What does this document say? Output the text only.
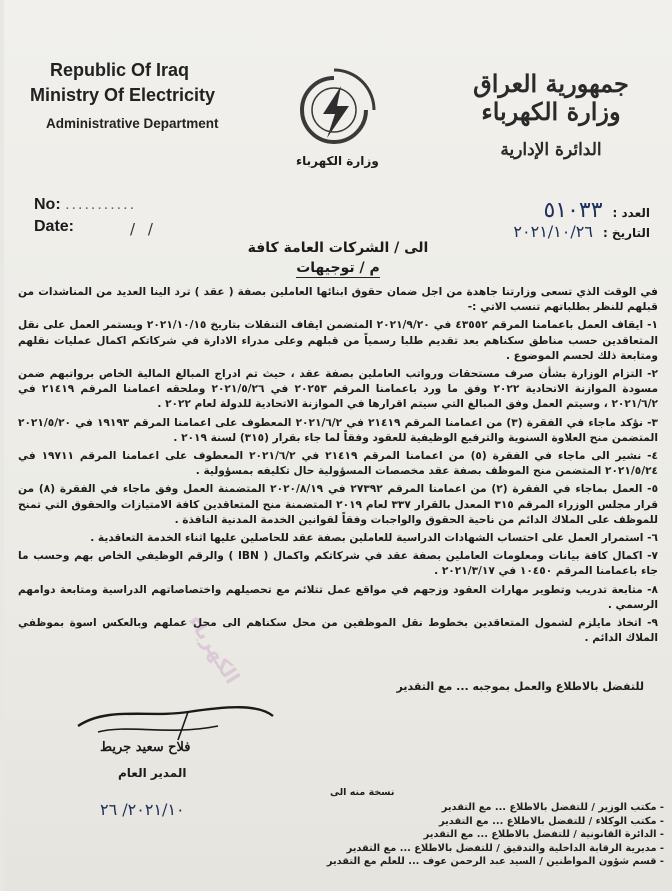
Republic Of Iraq
Ministry Of Electricity
Administrative Department
وزارة الكهرباء
جمهورية العراق
وزارة الكهرباء
الدائرة الإدارية
No: ...........
Date:	/ /
العدد :
٥١٠٣٣
التاريخ :
٢٠٢١/١٠/٢٦
الى / الشركات العامة كافة
م / توجيهات

في الوقت الذي تسعى وزارتنا جاهدة من اجل ضمان حقوق ابنائها العاملين بصفة ( عقد ) ترد الينا العديد من المناشدات من قبلهم للنظر بطلباتهم تنسب الاتي :-

١- ايقاف العمل باعمامنا المرقم ٤٣٥٥٢ في ٢٠٢١/٩/٢٠ المتضمن ايقاف التنقلات بتاريخ ٢٠٢١/١٠/١٥ ويستمر العمل على نقل المتعاقدين حسب مناطق سكناهم بعد تقديم طلبا رسمياً من قبلهم وعلى مدراء الادارة في شركاتكم اكمال عمليات نقلهم ومتابعة ذلك لحسم الموضوع .

٢- التزام الوزارة بشأن صرف مستحقات ورواتب العاملين بصفة عقد ، حيث تم ادراج المبالغ المالية الخاص برواتبهم ضمن مسودة الموازنة الاتحادية ٢٠٢٢ وفق ما ورد باعمامنا المرقم ٢٠٢٥٣ في ٢٠٢١/٥/٢٦ وملحقه اعمامنا المرقم ٢١٤١٩ في ٢٠٢١/٦/٢ ، وسيتم العمل وفق المبالغ التي سيتم اقرارها في الموازنة الاتحادية للدولة لعام ٢٠٢٢ .

٣- نؤكد ماجاء في الفقرة (٣) من اعمامنا المرقم ٢١٤١٩ في ٢٠٢١/٦/٢ المعطوف على اعمامنا المرقم ١٩١٩٣ في ٢٠٢١/٥/٢٠ المتضمن منح العلاوة السنوية والترفيع الوظيفية للعقود وفقاً لما جاء بقرار (٣١٥) لسنة ٢٠١٩ .

٤- نشير الى ماجاء في الفقرة (٥) من اعمامنا المرقم ٢١٤١٩ في ٢٠٢١/٦/٢ المعطوف على اعمامنا المرقم ١٩٧١١ في ٢٠٢١/٥/٢٤ المتضمن منح الموظف بصفة عقد مخصصات المسؤولية حال تكليفه بمسؤولية .

٥- العمل بماجاء في الفقرة (٢) من اعمامنا المرقم ٢٧٣٩٢ في ٢٠٢٠/٨/١٩ المتضمنة العمل وفق ماجاء في الفقرة (٨) من قرار مجلس الوزراء المرقم ٣١٥ المعدل بالقرار ٣٣٧ لعام ٢٠١٩ المتضمنة منح المتعاقدين كافة الامتيازات والحقوق التي تمنح للموظف على الملاك الدائم من ناحية الحقوق والواجبات وفقاً لقوانين الخدمة المدنية النافذة .

٦- استمرار العمل على احتساب الشهادات الدراسية للعاملين بصفة عقد للحاصلين عليها اثناء الخدمة التعاقدية .

٧- اكمال كافة بيانات ومعلومات العاملين بصفة عقد في شركاتكم واكمال ( IBN ) والرقم الوظيفي الخاص بهم وحسب ما جاء باعمامنا المرقم ١٠٤٥٠ في ٢٠٢١/٣/١٧ .

٨- متابعة تدريب وتطوير مهارات العقود وزجهم في مواقع عمل تتلائم مع تحصيلهم واختصاصاتهم الدراسية ومتابعة دوامهم الرسمي .

٩- اتخاذ مايلزم لشمول المتعاقدين بخطوط نقل الموظفين من محل سكناهم الى محل عملهم وبالعكس اسوة بموظفي الملاك الدائم .

للتفضل بالاطلاع والعمل بموجبه ... مع التقدير
فلاح سعيد جريط
المدير العام
٢٠٢١/١٠/ ٢٦
الكهرباء
نسخة منه الى
- مكتب الوزير / للتفضل بالاطلاع ... مع التقدير
- مكتب الوكلاء / للتفضل بالاطلاع ... مع التقدير
- الدائرة القانونية / للتفضل بالاطلاع ... مع التقدير
- مديرية الرقابة الداخلية والتدقيق / للتفضل بالاطلاع ... مع التقدير
- قسم شؤون المواطنين / السيد عبد الرحمن عوف ... للعلم مع التقدير
